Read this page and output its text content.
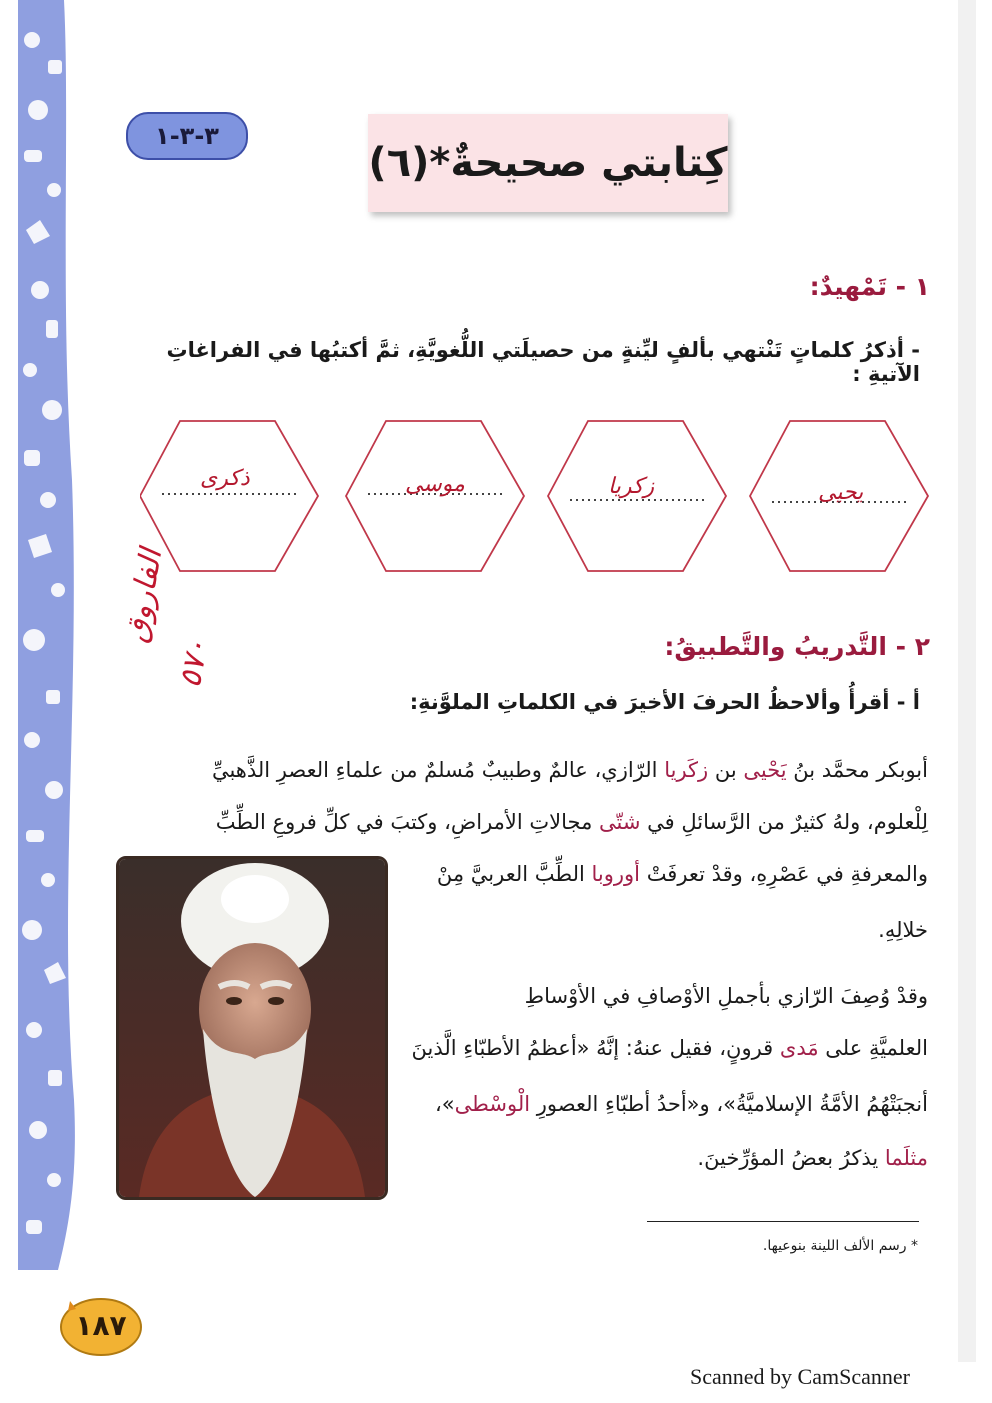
٣-٣-١
كِتابتي صحيحةٌ*(٦)
١ - تَمْهيدٌ:
- أذكرُ كلماتٍ تَنْتهي بألفٍ ليِّنةٍ من حصيلَتي اللُّغويَّةِ، ثمَّ أكتبُها في الفراغاتِ الآتيةِ :
ذكرى	موسى	زكريا	يحيى
الفاروق
٥٧٠	٢ - التَّدريبُ والتَّطبيقُ:
أ - أقرأُ وألاحظُ الحرفَ الأخيرَ في الكلماتِ الملوَّنةِ:
أبوبكر محمَّد بنُ يَحْيى بن زكَريا الرّازي، عالمٌ وطبيبٌ مُسلمٌ من علماءِ العصرِ الذَّهبيِّ
لِلْعلوم، ولهُ كثيرٌ من الرَّسائلِ في شتّى مجالاتِ الأمراضِ، وكتبَ في كلِّ فروعِ الطِّبِّ
والمعرفةِ في عَصْرِهِ، وقدْ تعرفَتْ أوروبا الطِّبَّ العربيَّ مِنْ
خلالِهِ.
وقدْ وُصِفَ الرّازي بأجملِ الأوْصافِ في الأوْساطِ
العلميَّةِ على مَدى قرونٍ، فقيل عنهُ: إنَّهُ «أعظمُ الأطبّاءِ الَّذينَ
أنجبَتْهُمُ الأمَّةُ الإسلاميَّةُ»، و«أحدُ أطبّاءِ العصورِ الْوسْطى»،
مثلَما يذكرُ بعضُ المؤرِّخينَ.
* رسم الألف اللينة بنوعيها.
١٨٧
Scanned by CamScanner
